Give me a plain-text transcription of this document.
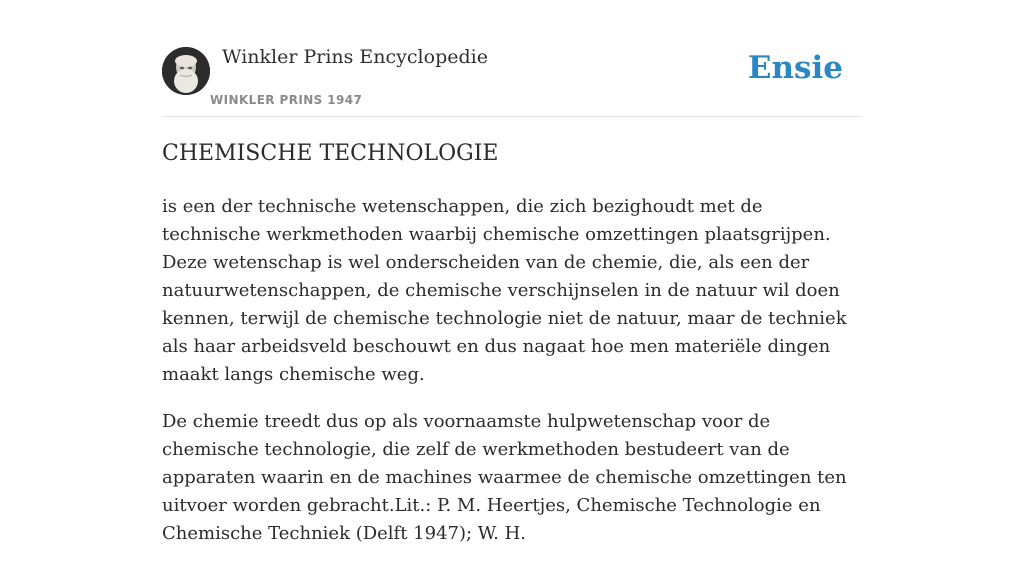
Winkler Prins Encyclopedie
WINKLER PRINS 1947
Ensie
CHEMISCHE TECHNOLOGIE

is een der technische wetenschappen, die zich bezighoudt met de technische werkmethoden waarbij chemische omzettingen plaatsgrijpen. Deze wetenschap is wel onderscheiden van de chemie, die, als een der natuurwetenschappen, de chemische verschijnselen in de natuur wil doen kennen, terwijl de chemische technologie niet de natuur, maar de techniek als haar arbeidsveld beschouwt en dus nagaat hoe men materiële dingen maakt langs chemische weg.

De chemie treedt dus op als voornaamste hulpwetenschap voor de chemische technologie, die zelf de werkmethoden bestudeert van de apparaten waarin en de machines waarmee de chemische omzettingen ten uitvoer worden gebracht.Lit.: P. M. Heertjes, Chemische Technologie en Chemische Techniek (Delft 1947); W. H.
